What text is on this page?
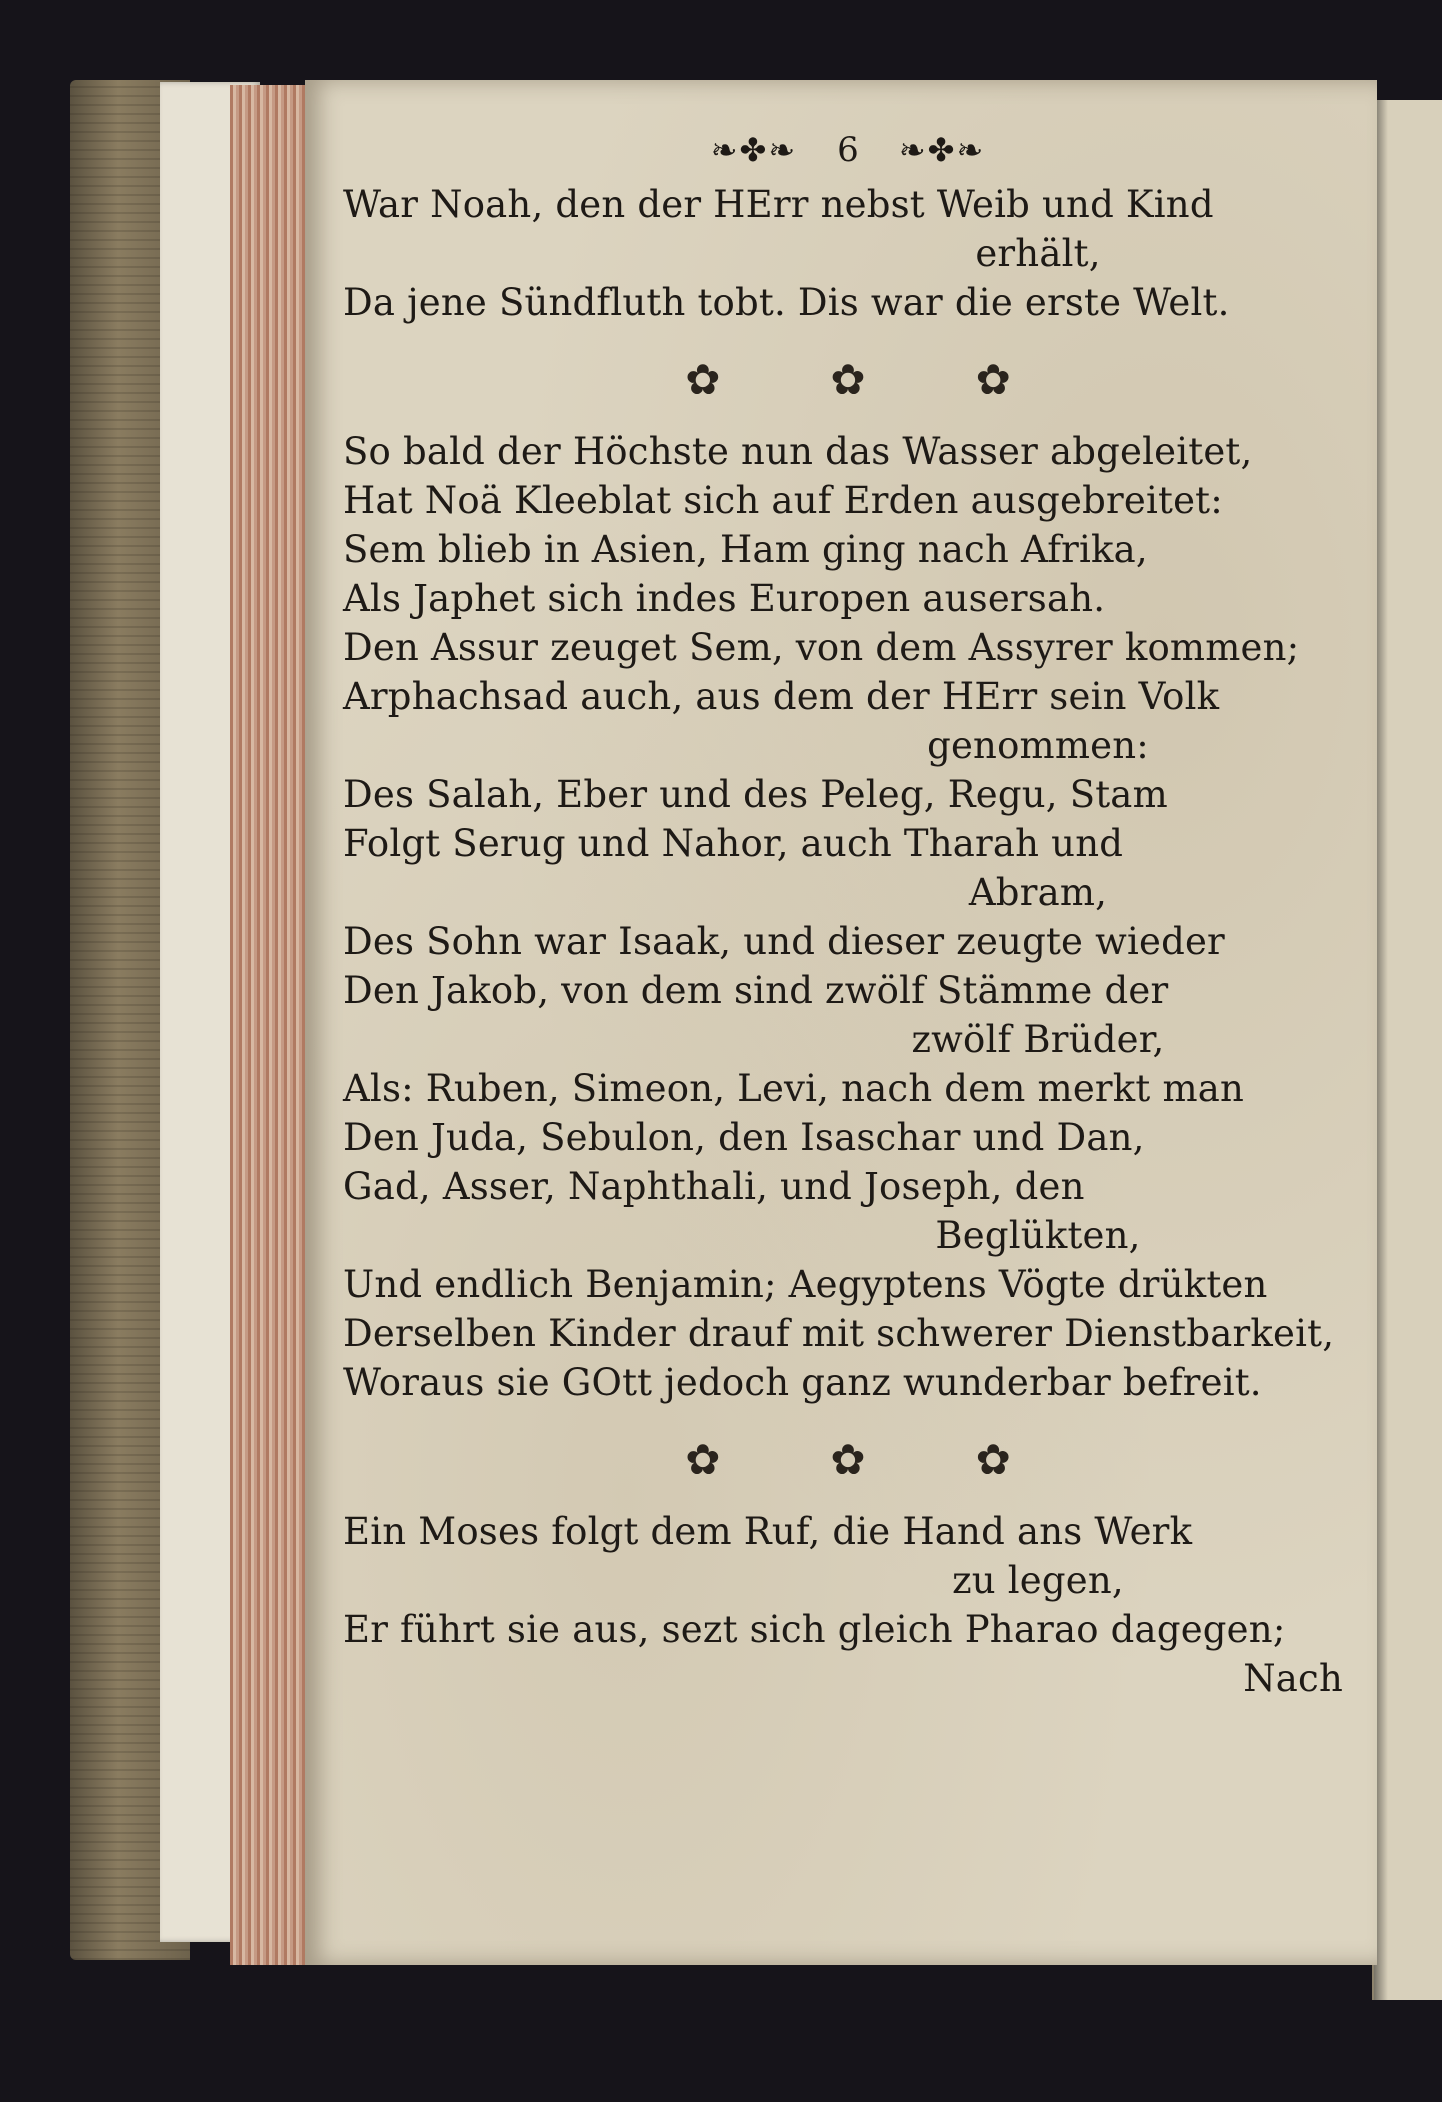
❧✤❧ 6 ❧✤❧
War Noah, den der HErr nebst Weib und Kind
erhält,
Da jene Sündfluth tobt. Dis war die erste Welt.
✿	✿	✿
So bald der Höchste nun das Wasser abgeleitet,
Hat Noä Kleeblat sich auf Erden ausgebreitet:
Sem blieb in Asien, Ham ging nach Afrika,
Als Japhet sich indes Europen ausersah.
Den Assur zeuget Sem, von dem Assyrer kommen;
Arphachsad auch, aus dem der HErr sein Volk
genommen:
Des Salah, Eber und des Peleg, Regu, Stam
Folgt Serug und Nahor, auch Tharah und
Abram,
Des Sohn war Isaak, und dieser zeugte wieder
Den Jakob, von dem sind zwölf Stämme der
zwölf Brüder,
Als: Ruben, Simeon, Levi, nach dem merkt man
Den Juda, Sebulon, den Isaschar und Dan,
Gad, Asser, Naphthali, und Joseph, den
Beglükten,
Und endlich Benjamin; Aegyptens Vögte drükten
Derselben Kinder drauf mit schwerer Dienstbarkeit,
Woraus sie GOtt jedoch ganz wunderbar befreit.
✿	✿	✿
Ein Moses folgt dem Ruf, die Hand ans Werk
zu legen,
Er führt sie aus, sezt sich gleich Pharao dagegen;
Nach
